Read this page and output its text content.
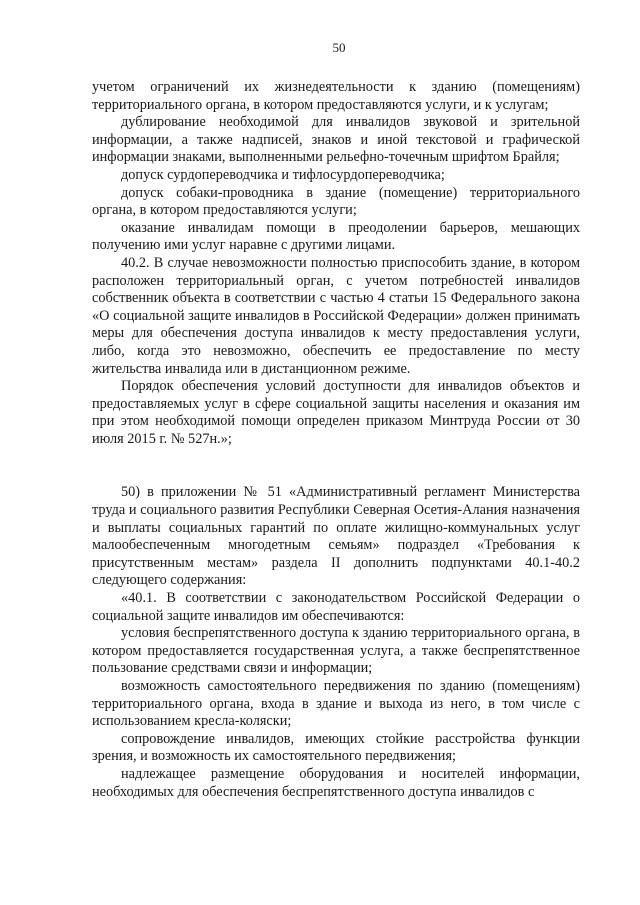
50

учетом ограничений их жизнедеятельности к зданию (помещениям) территориального органа, в котором предоставляются услуги, и к услугам;

дублирование необходимой для инвалидов звуковой и зрительной информации, а также надписей, знаков и иной текстовой и графической информации знаками, выполненными рельефно-точечным шрифтом Брайля;

допуск сурдопереводчика и тифлосурдопереводчика;

допуск собаки-проводника в здание (помещение) территориального органа, в котором предоставляются услуги;

оказание инвалидам помощи в преодолении барьеров, мешающих получению ими услуг наравне с другими лицами.

40.2. В случае невозможности полностью приспособить здание, в котором расположен территориальный орган, с учетом потребностей инвалидов собственник объекта в соответствии с частью 4 статьи 15 Федерального закона «О социальной защите инвалидов в Российской Федерации» должен принимать меры для обеспечения доступа инвалидов к месту предоставления услуги, либо, когда это невозможно, обеспечить ее предоставление по месту жительства инвалида или в дистанционном режиме.

Порядок обеспечения условий доступности для инвалидов объектов и предоставляемых услуг в сфере социальной защиты населения и оказания им при этом необходимой помощи определен приказом Минтруда России от 30 июля 2015 г. № 527н.»;

50) в приложении № 51 «Административный регламент Министерства труда и социального развития Республики Северная Осетия-Алания назначения и выплаты социальных гарантий по оплате жилищно-коммунальных услуг малообеспеченным многодетным семьям» подраздел «Требования к присутственным местам» раздела II дополнить подпунктами 40.1-40.2 следующего содержания:

«40.1. В соответствии с законодательством Российской Федерации о социальной защите инвалидов им обеспечиваются:

условия беспрепятственного доступа к зданию территориального органа, в котором предоставляется государственная услуга, а также беспрепятственное пользование средствами связи и информации;

возможность самостоятельного передвижения по зданию (помещениям) территориального органа, входа в здание и выхода из него, в том числе с использованием кресла-коляски;

сопровождение инвалидов, имеющих стойкие расстройства функции зрения, и возможность их самостоятельного передвижения;

надлежащее размещение оборудования и носителей информации, необходимых для обеспечения беспрепятственного доступа инвалидов с
